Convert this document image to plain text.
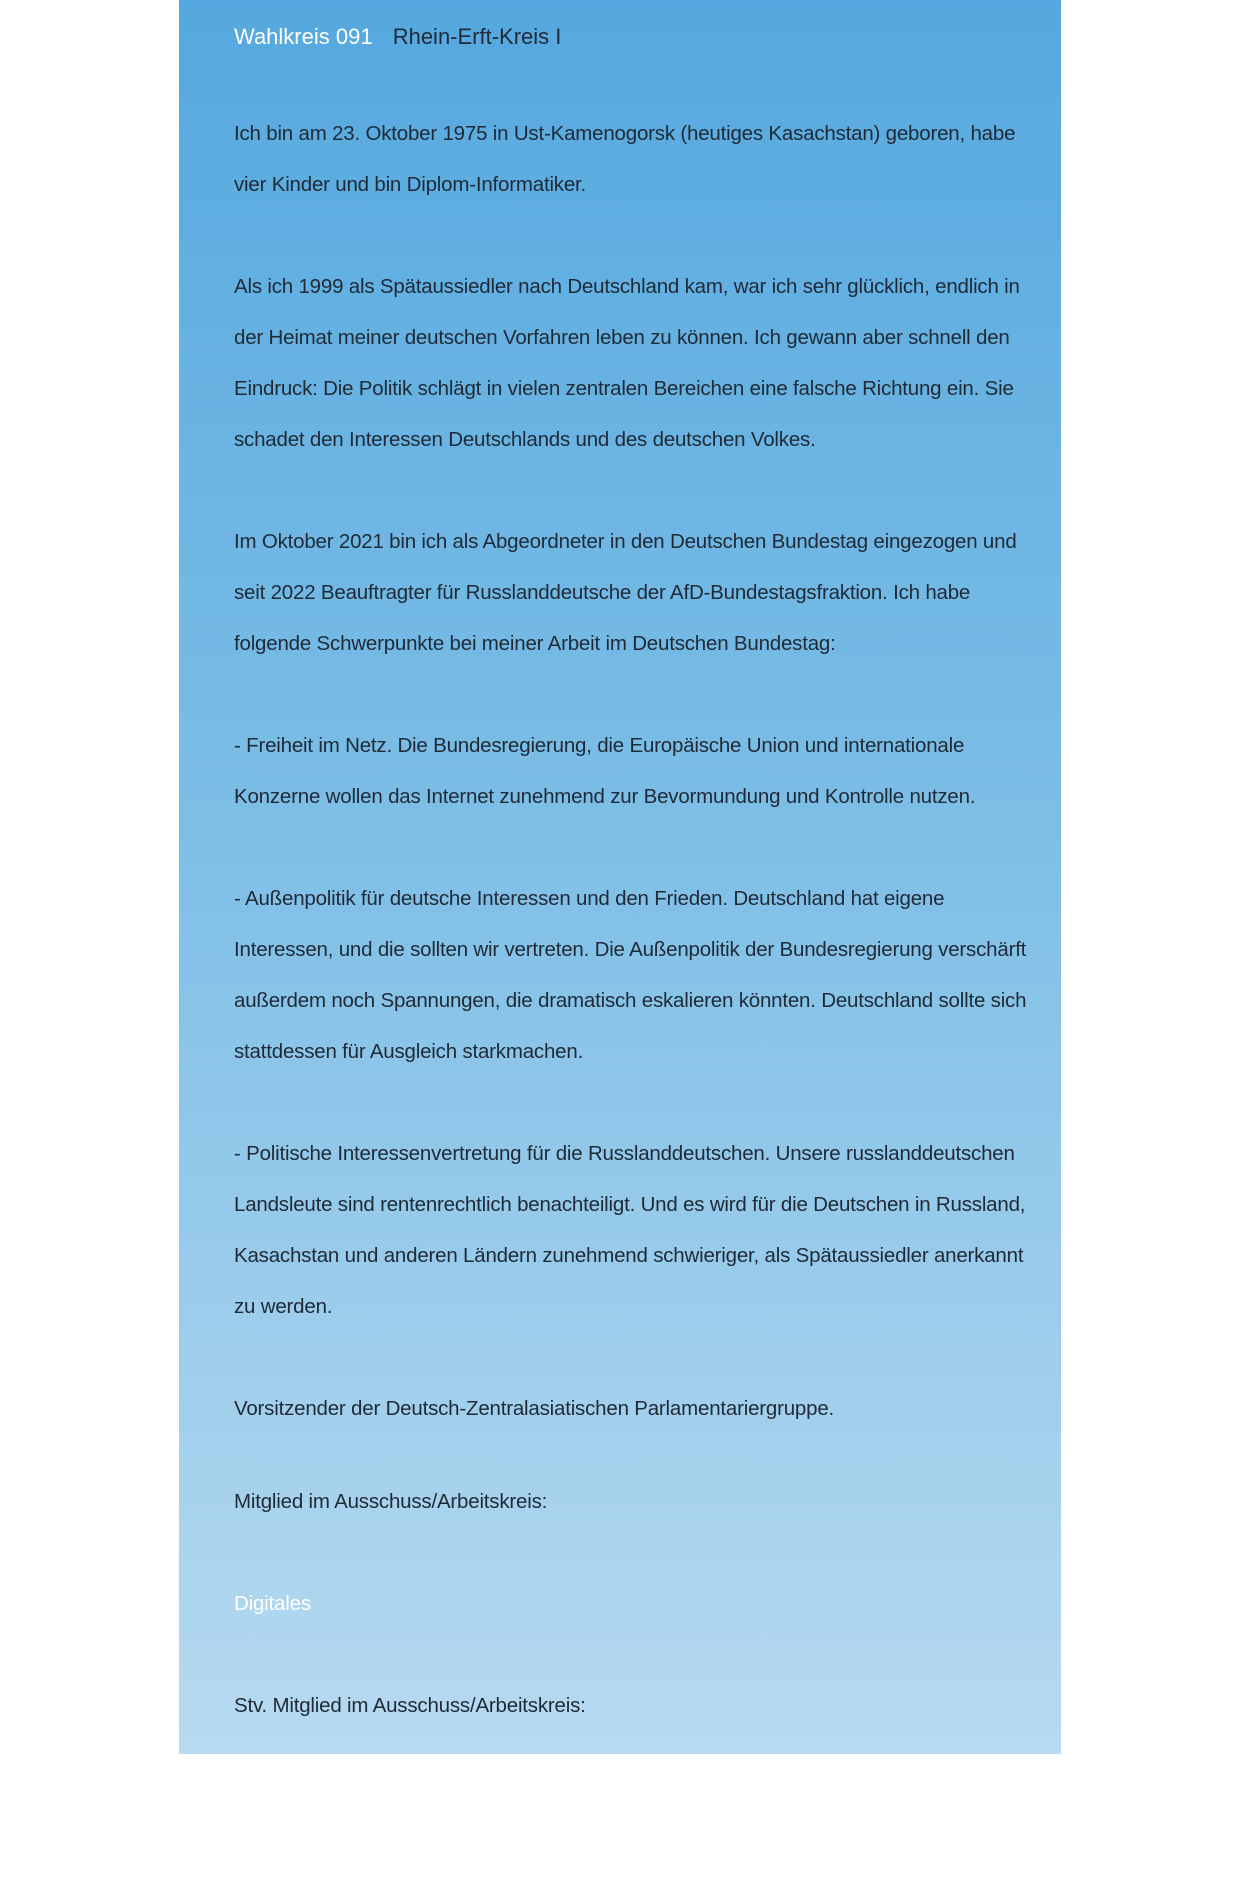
Wahlkreis 091 Rhein-Erft-Kreis I

Ich bin am 23. Oktober 1975 in Ust-Kamenogorsk (heutiges Kasachstan) geboren, habe vier Kinder und bin Diplom-Informatiker.

Als ich 1999 als Spätaussiedler nach Deutschland kam, war ich sehr glücklich, endlich in der Heimat meiner deutschen Vorfahren leben zu können. Ich gewann aber schnell den Eindruck: Die Politik schlägt in vielen zentralen Bereichen eine falsche Richtung ein. Sie schadet den Interessen Deutschlands und des deutschen Volkes.

Im Oktober 2021 bin ich als Abgeordneter in den Deutschen Bundestag eingezogen und seit 2022 Beauftragter für Russlanddeutsche der AfD-Bundestagsfraktion. Ich habe folgende Schwerpunkte bei meiner Arbeit im Deutschen Bundestag:

- Freiheit im Netz. Die Bundesregierung, die Europäische Union und internationale Konzerne wollen das Internet zunehmend zur Bevormundung und Kontrolle nutzen.

- Außenpolitik für deutsche Interessen und den Frieden. Deutschland hat eigene Interessen, und die sollten wir vertreten. Die Außenpolitik der Bundesregierung verschärft außerdem noch Spannungen, die dramatisch eskalieren könnten. Deutschland sollte sich stattdessen für Ausgleich starkmachen.

- Politische Interessenvertretung für die Russlanddeutschen. Unsere russlanddeutschen Landsleute sind rentenrechtlich benachteiligt. Und es wird für die Deutschen in Russland, Kasachstan und anderen Ländern zunehmend schwieriger, als Spätaussiedler anerkannt zu werden.

Vorsitzender der Deutsch-Zentralasiatischen Parlamentariergruppe.

Mitglied im Ausschuss/Arbeitskreis:

Digitales

Stv. Mitglied im Ausschuss/Arbeitskreis:

Außenpolitik
